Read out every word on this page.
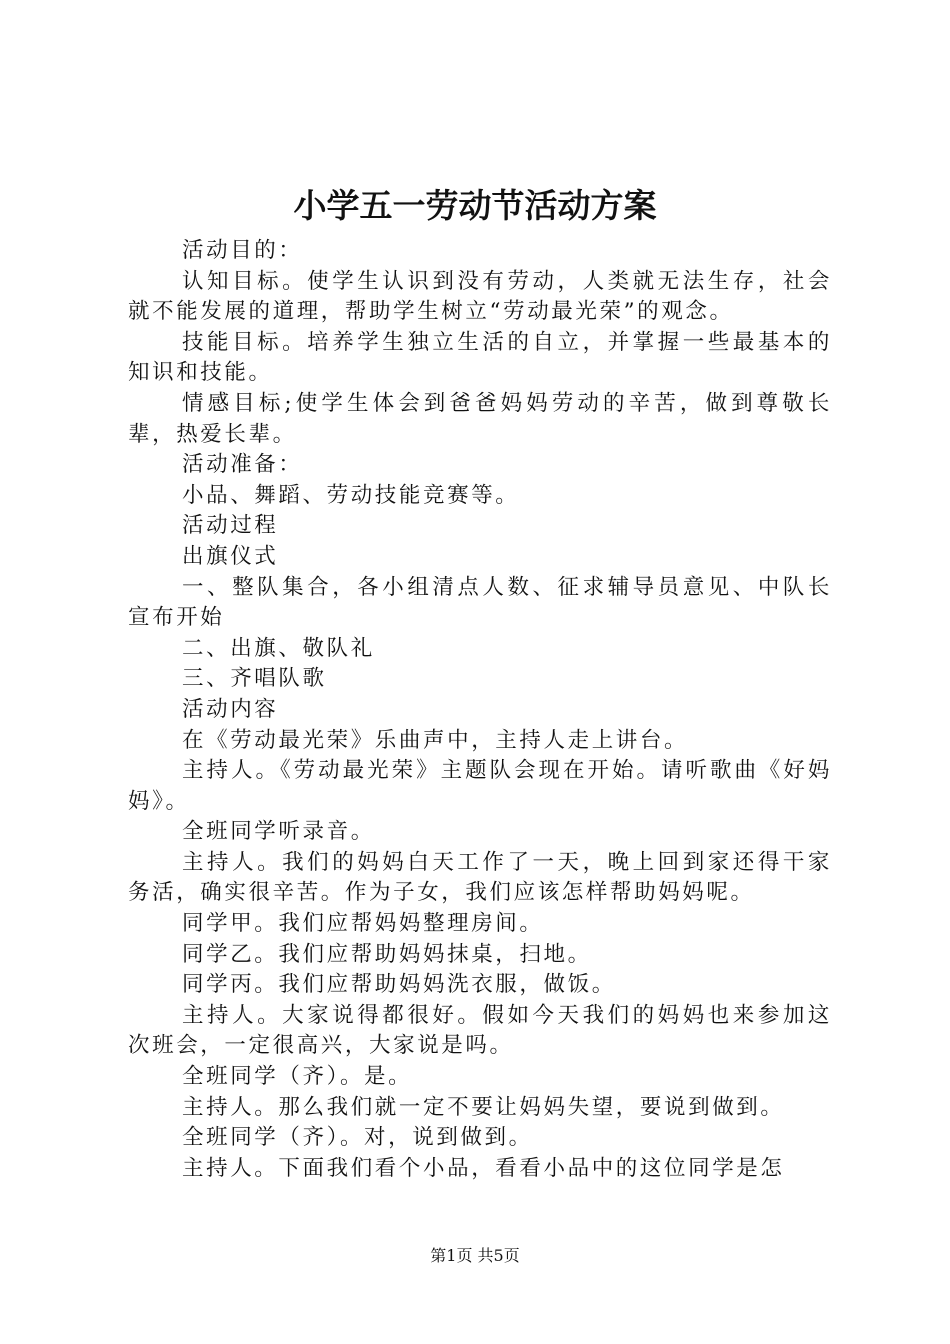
小学五一劳动节活动方案

活动目的：

认知目标。使学生认识到没有劳动，人类就无法生存，社会就不能发展的道理，帮助学生树立“劳动最光荣”的观念。

技能目标。培养学生独立生活的自立，并掌握一些最基本的知识和技能。

情感目标;使学生体会到爸爸妈妈劳动的辛苦，做到尊敬长辈，热爱长辈。

活动准备：

小品、舞蹈、劳动技能竞赛等。

活动过程

出旗仪式

一、整队集合，各小组清点人数、征求辅导员意见、中队长宣布开始

二、出旗、敬队礼

三、齐唱队歌

活动内容

在《劳动最光荣》乐曲声中，主持人走上讲台。

主持人。《劳动最光荣》主题队会现在开始。请听歌曲《好妈妈》。

全班同学听录音。

主持人。我们的妈妈白天工作了一天，晚上回到家还得干家务活，确实很辛苦。作为子女，我们应该怎样帮助妈妈呢。

同学甲。我们应帮妈妈整理房间。

同学乙。我们应帮助妈妈抹桌，扫地。

同学丙。我们应帮助妈妈洗衣服，做饭。

主持人。大家说得都很好。假如今天我们的妈妈也来参加这次班会，一定很高兴，大家说是吗。

全班同学（齐）。是。

主持人。那么我们就一定不要让妈妈失望，要说到做到。

全班同学（齐）。对，说到做到。

主持人。下面我们看个小品，看看小品中的这位同学是怎

第1页 共5页
